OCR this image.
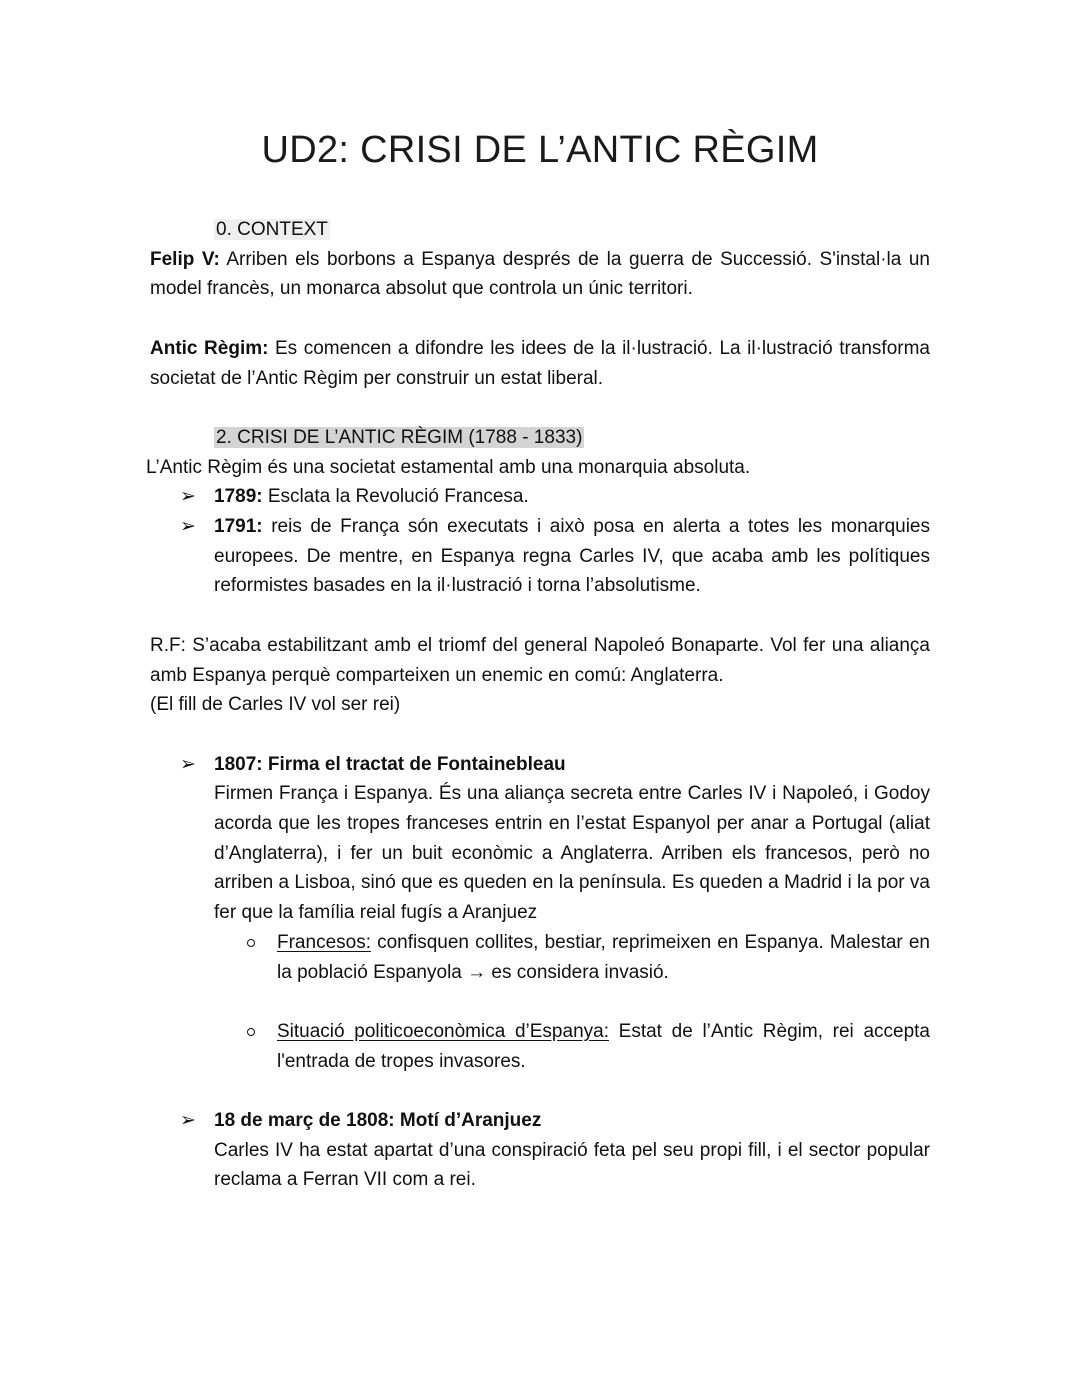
UD2: CRISI DE L’ANTIC RÈGIM

0. CONTEXT

Felip V: Arriben els borbons a Espanya després de la guerra de Successió. S'instal·la un model francès, un monarca absolut que controla un únic territori.

Antic Règim: Es comencen a difondre les idees de la il·lustració. La il·lustració transforma societat de l’Antic Règim per construir un estat liberal.

2. CRISI DE L’ANTIC RÈGIM (1788 - 1833)

L’Antic Règim és una societat estamental amb una monarquia absoluta.

➢ 1789: Esclata la Revolució Francesa.
➢ 1791: reis de França són executats i això posa en alerta a totes les monarquies europees. De mentre, en Espanya regna Carles IV, que acaba amb les polítiques reformistes basades en la il·lustració i torna l’absolutisme.

R.F: S’acaba estabilitzant amb el triomf del general Napoleó Bonaparte. Vol fer una aliança amb Espanya perquè comparteixen un enemic en comú: Anglaterra.

(El fill de Carles IV vol ser rei)

➢ 1807: Firma el tractat de Fontainebleau
Firmen França i Espanya. És una aliança secreta entre Carles IV i Napoleó, i Godoy acorda que les tropes franceses entrin en l’estat Espanyol per anar a Portugal (aliat d’Anglaterra), i fer un buit econòmic a Anglaterra. Arriben els francesos, però no arriben a Lisboa, sinó que es queden en la península. Es queden a Madrid i la por va fer que la família reial fugís a Aranjuez
Francesos: confisquen collites, bestiar, reprimeixen en Espanya. Malestar en la població Espanyola → es considera invasió.
Situació politicoeconòmica d’Espanya: Estat de l’Antic Règim, rei accepta l'entrada de tropes invasores.
➢ 18 de març de 1808: Motí d’Aranjuez
Carles IV ha estat apartat d’una conspiració feta pel seu propi fill, i el sector popular reclama a Ferran VII com a rei.
